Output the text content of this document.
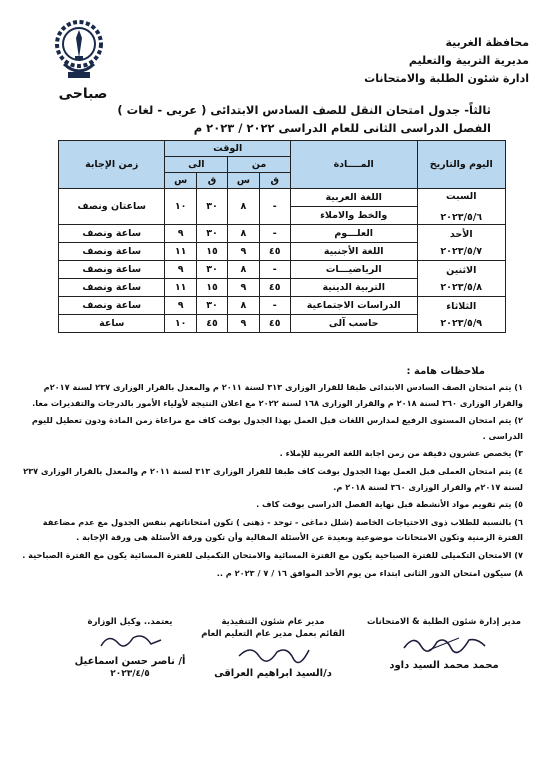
محافظة الغربية
مديرية التربية والتعليم
ادارة شئون الطلبة والامتحانات
صباحى
ثالثاً- جدول امتحان النقل للصف السادس الابتدائى ( عربى - لغات )
الفصل الدراسى الثانى للعام الدراسى ٢٠٢٢ / ٢٠٢٣ م
اليوم والتاريخ	المــــادة	الوقت				زمن الإجابة
		من		الى		
		ق	س	ق	س	

السبت
٢٠٢٣/٥/٦	اللغة العربية	-	٨	٣٠	١٠	ساعتان ونصف
	والخط والاملاء					

الأحد
٢٠٢٣/٥/٧	العلـــوم	-	٨	٣٠	٩	ساعة ونصف
	اللغة الأجنبية	٤٥	٩	١٥	١١	ساعة ونصف

الاثنين
٢٠٢٣/٥/٨	الرياضيـــات	-	٨	٣٠	٩	ساعة ونصف
	التربية الدينية	٤٥	٩	١٥	١١	ساعة ونصف

الثلاثاء
٢٠٢٣/٥/٩	الدراسات الاجتماعية	-	٨	٣٠	٩	ساعة ونصف
	حاسب آلى	٤٥	٩	٤٥	١٠	ساعة
ملاحظات هامة :

١) يتم امتحان الصف السادس الابتدائى طبقا للقرار الوزارى ٣١٣ لسنة ٢٠١١ م والمعدل بالقرار الوزارى ٢٣٧ لسنة ٢٠١٧م والقرار الوزارى ٣٦٠ لسنة ٢٠١٨ م والقرار الوزارى ١٦٨ لسنة ٢٠٢٢ مع اعلان النتيجة لأولياء الأمور بالدرجات والتقديرات معا.

٢) يتم امتحان المستوى الرفيع لمدارس اللغات قبل العمل بهذا الجدول بوقت كاف مع مراعاة زمن المادة ودون تعطيل لليوم الدراسى .

٣) يخصص عشرون دقيقة من زمن اجابة اللغة العربية للإملاء .

٤) يتم امتحان العملى قبل العمل بهذا الجدول بوقت كاف طبقا للقرار الوزارى ٣١٣ لسنة ٢٠١١ م والمعدل بالقرار الوزارى ٢٣٧ لسنة ٢٠١٧م والقرار الوزارى ٣٦٠ لسنة ٢٠١٨ م.

٥) يتم تقويم مواد الأنشطة قبل نهاية الفصل الدراسى بوقت كاف .

٦) بالنسبة للطلاب ذوى الاحتياجات الخاصة (شلل دماغى - توحد - ذهنى ) تكون امتحاناتهم بنفس الجدول مع عدم مضاعفة الفترة الزمنية وتكون الامتحانات موضوعية وبعيدة عن الأسئلة المقالية وأن تكون ورقة الأسئلة هى ورقة الإجابة .

٧) الامتحان التكميلى للفترة الصباحية يكون مع الفترة المسائية والامتحان التكميلى للفترة المسائية يكون مع الفترة الصباحية .

٨) سيكون امتحان الدور الثانى ابتداء من يوم الأحد الموافق ١٦ / ٧ / ٢٠٢٣ م ..

مدير إدارة شئون الطلبة & الامتحانات
محمد محمد السيد داود
مدير عام شئون التنفيذية
القائم بعمل مدير عام التعليم العام
د/السيد ابراهيم العراقى
يعتمد.. وكيل الوزارة
أ/ ناصر حسن اسماعيل
٢٠٢٣/٤/٥
